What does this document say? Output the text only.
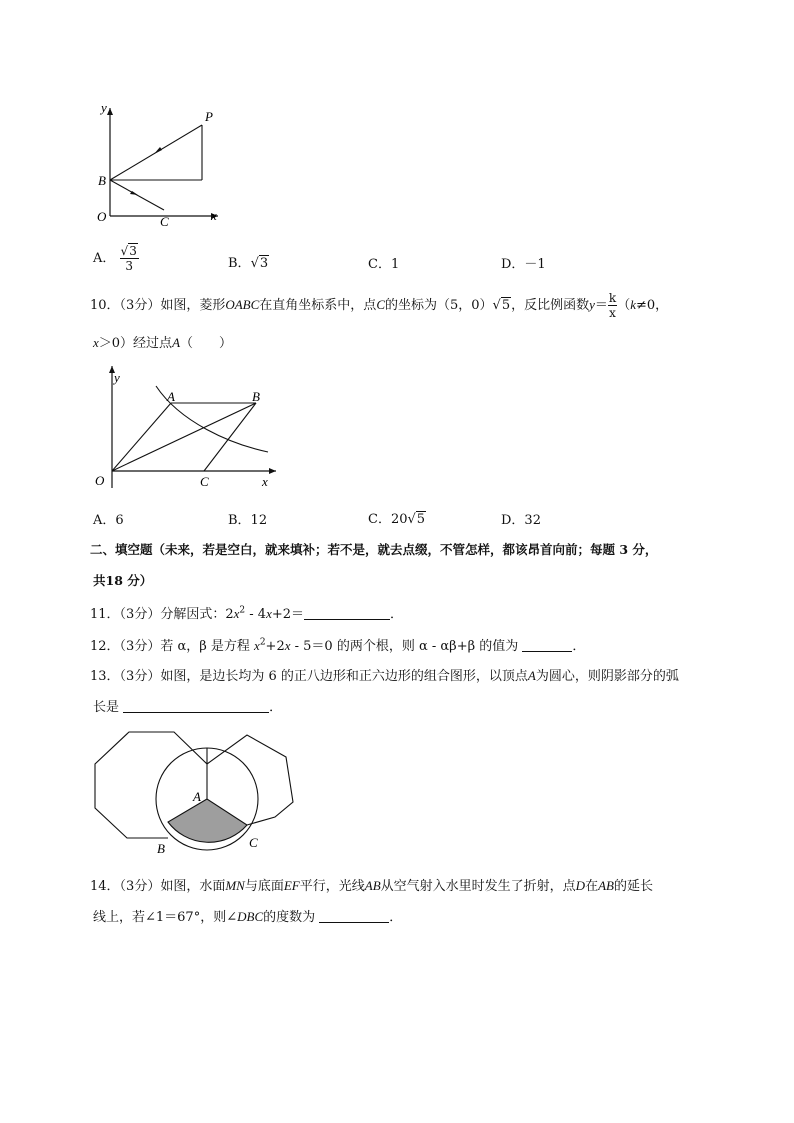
y
P
B
O	C	x
A． $\frac{√3}{3}$	B．√3	C．1	D．－1
10．（3分）如图，菱形OABC在直角坐标系中，点C的坐标为（5，0）√5，反比例函数$y= \frac{k}{x} (k\ne 0$，
x＞0）经过点A（　　）
y
A	B
O	C	x
A．6	B．12	C．20√5	D．32
二、填空题（未来，若是空白，就来填补；若不是，就去点缀，不管怎样，都该昂首向前；每题 3 分，
共18 分）
11．（3分）分解因式：$2x^2 - 4x+2=$	．
12．（3分）若 α，β 是方程 $x^2+2x - 5=0$ 的两个根，则 α - αβ+β 的值为	．
13．（3分）如图，是边长均为 6 的正八边形和正六边形的组合图形，以顶点A为圆心，则阴影部分的弧
长是	．
A
B	C
14．（3分）如图，水面MN与底面EF平行，光线AB从空气射入水里时发生了折射，点D在AB的延长
线上，若∠1＝67°，则∠DBC的度数为	．
